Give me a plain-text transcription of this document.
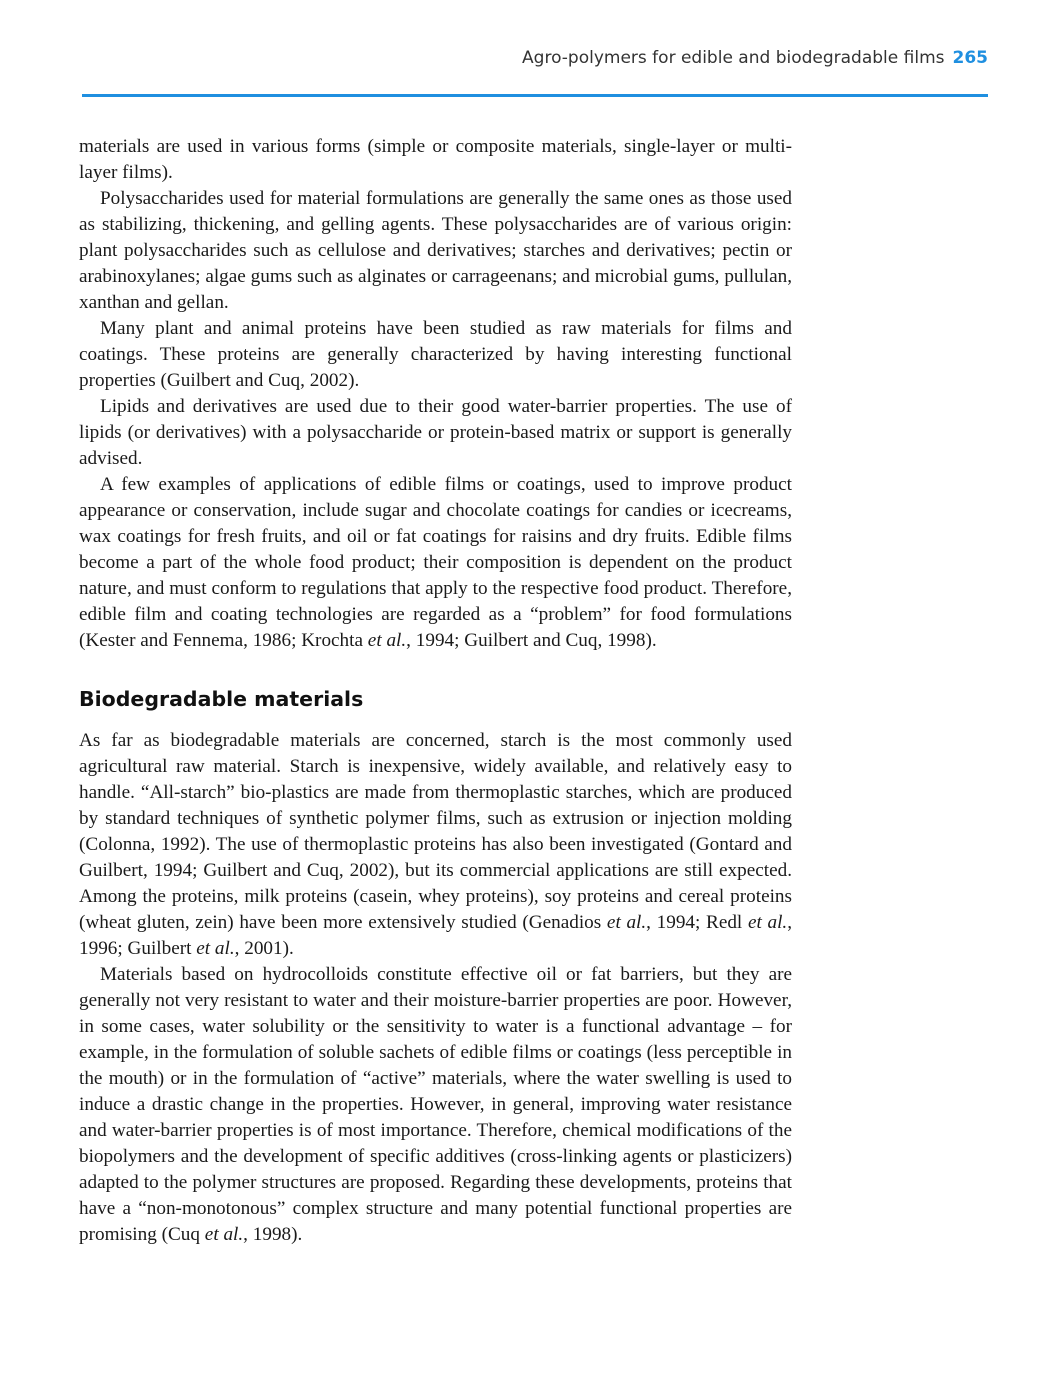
Agro-polymers for edible and biodegradable films 265

materials are used in various forms (simple or composite materials, single-layer or multi-layer films).

Polysaccharides used for material formulations are generally the same ones as those used as stabilizing, thickening, and gelling agents. These polysaccharides are of various origin: plant polysaccharides such as cellulose and derivatives; starches and derivatives; pectin or arabinoxylanes; algae gums such as alginates or carrageenans; and microbial gums, pullulan, xanthan and gellan.

Many plant and animal proteins have been studied as raw materials for films and coatings. These proteins are generally characterized by having interesting functional properties (Guilbert and Cuq, 2002).

Lipids and derivatives are used due to their good water-barrier properties. The use of lipids (or derivatives) with a polysaccharide or protein-based matrix or support is generally advised.

A few examples of applications of edible films or coatings, used to improve product appearance or conservation, include sugar and chocolate coatings for candies or icecreams, wax coatings for fresh fruits, and oil or fat coatings for raisins and dry fruits. Edible films become a part of the whole food product; their composition is dependent on the product nature, and must conform to regulations that apply to the respective food product. Therefore, edible film and coating technologies are regarded as a “problem” for food formulations (Kester and Fennema, 1986; Krochta et al., 1994; Guilbert and Cuq, 1998).

Biodegradable materials

As far as biodegradable materials are concerned, starch is the most commonly used agricultural raw material. Starch is inexpensive, widely available, and relatively easy to handle. “All-starch” bio-plastics are made from thermoplastic starches, which are produced by standard techniques of synthetic polymer films, such as extrusion or injection molding (Colonna, 1992). The use of thermoplastic proteins has also been investigated (Gontard and Guilbert, 1994; Guilbert and Cuq, 2002), but its commercial applications are still expected. Among the proteins, milk proteins (casein, whey proteins), soy proteins and cereal proteins (wheat gluten, zein) have been more extensively studied (Genadios et al., 1994; Redl et al., 1996; Guilbert et al., 2001).

Materials based on hydrocolloids constitute effective oil or fat barriers, but they are generally not very resistant to water and their moisture-barrier properties are poor. However, in some cases, water solubility or the sensitivity to water is a functional advantage – for example, in the formulation of soluble sachets of edible films or coatings (less perceptible in the mouth) or in the formulation of “active” materials, where the water swelling is used to induce a drastic change in the properties. However, in general, improving water resistance and water-barrier properties is of most importance. Therefore, chemical modifications of the biopolymers and the development of specific additives (cross-linking agents or plasticizers) adapted to the polymer structures are proposed. Regarding these developments, proteins that have a “non-monotonous” complex structure and many potential functional properties are promising (Cuq et al., 1998).
